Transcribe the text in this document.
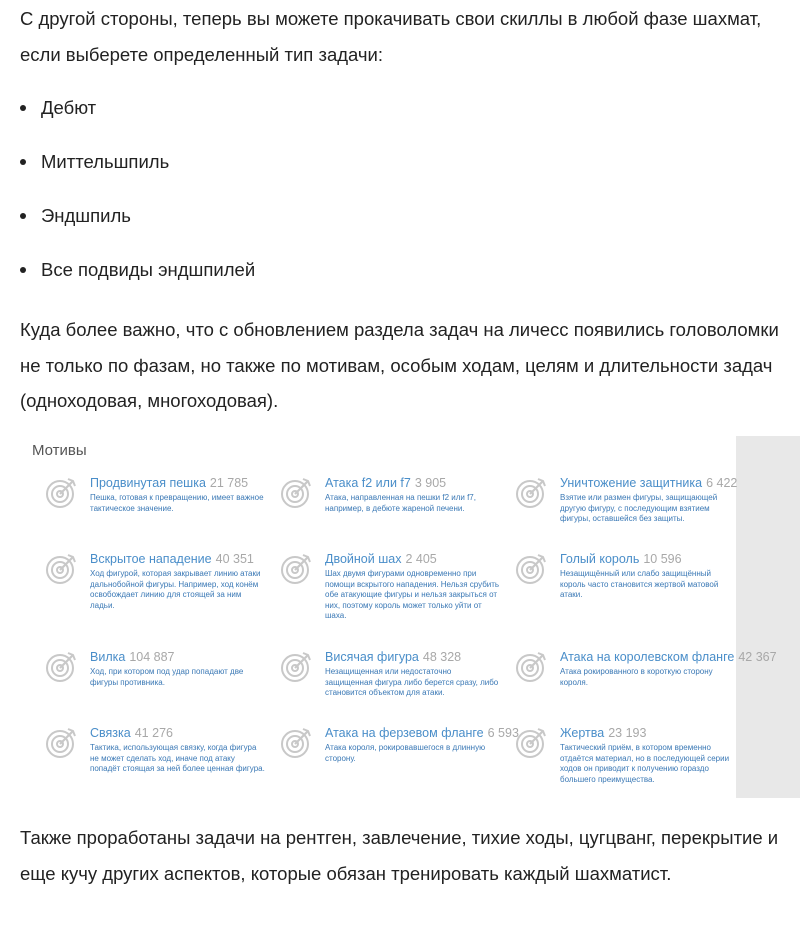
С другой стороны, теперь вы можете прокачивать свои скиллы в любой фазе шахмат, если выберете определенный тип задачи:

Дебют
Миттельшпиль
Эндшпиль
Все подвиды эндшпилей

Куда более важно, что с обновлением раздела задач на личесс появились головоломки не только по фазам, но также по мотивам, особым ходам, целям и длительности задач (одноходовая, многоходовая).

Мотивы
Продвинутая пешка 21 785
Пешка, готовая к превращению, имеет важное тактическое значение.
Атака f2 или f7 3 905
Атака, направленная на пешки f2 или f7, например, в дебюте жареной печени.
Уничтожение защитника 6 422
Взятие или размен фигуры, защищающей другую фигуру, с последующим взятием фигуры, оставшейся без защиты.
Вскрытое нападение 40 351
Ход фигурой, которая закрывает линию атаки дальнобойной фигуры. Например, ход конём освобождает линию для стоящей за ним ладьи.
Двойной шах 2 405
Шах двумя фигурами одновременно при помощи вскрытого нападения. Нельзя срубить обе атакующие фигуры и нельзя закрыться от них, поэтому король может только уйти от шаха.
Голый король 10 596
Незащищённый или слабо защищённый король часто становится жертвой матовой атаки.
Вилка 104 887
Ход, при котором под удар попадают две фигуры противника.
Висячая фигура 48 328
Незащищенная или недостаточно защищенная фигура либо берется сразу, либо становится объектом для атаки.
Атака на королевском фланге 42 367
Атака рокированного в короткую сторону короля.
Связка 41 276
Тактика, использующая связку, когда фигура не может сделать ход, иначе под атаку попадёт стоящая за ней более ценная фигура.
Атака на ферзевом фланге 6 593
Атака короля, рокировавшегося в длинную сторону.
Жертва 23 193
Тактический приём, в котором временно отдаётся материал, но в последующей серии ходов он приводит к получению гораздо большего преимущества.

Также проработаны задачи на рентген, завлечение, тихие ходы, цугцванг, перекрытие и еще кучу других аспектов, которые обязан тренировать каждый шахматист.
